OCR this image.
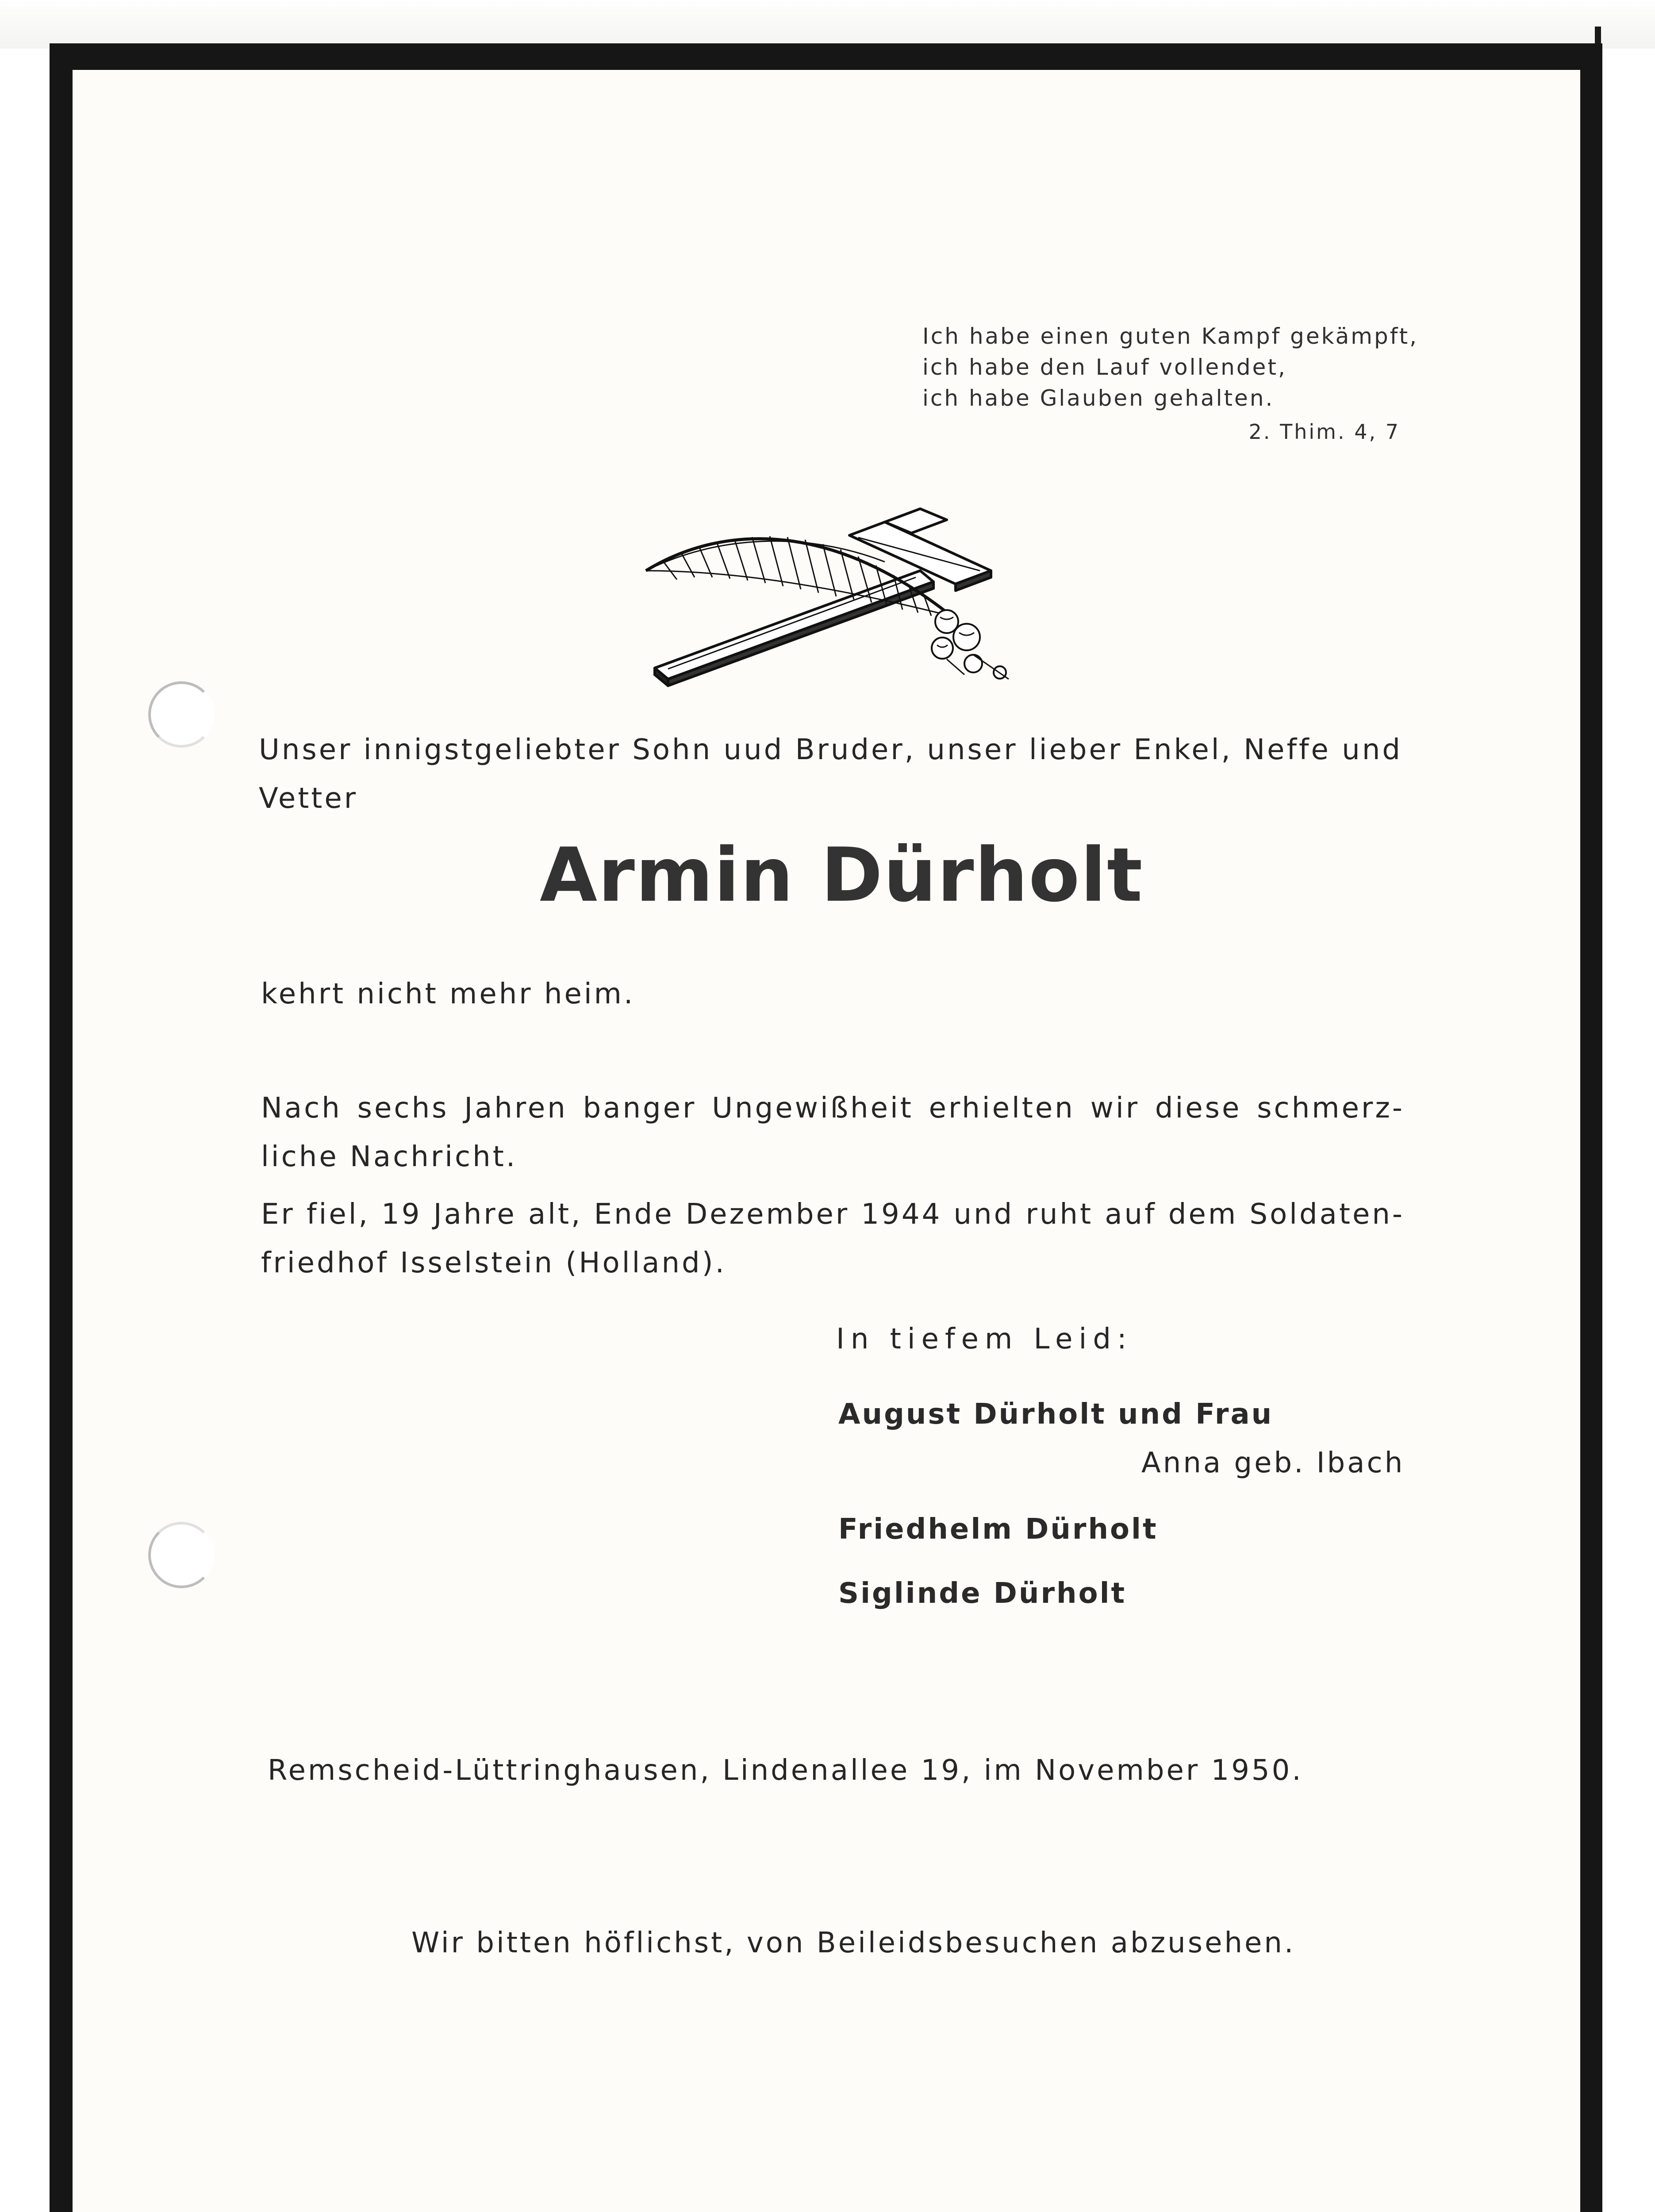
Ich habe einen guten Kampf gekämpft,
ich habe den Lauf vollendet,
ich habe Glauben gehalten.
2. Thim. 4, 7
Unser innigstgeliebter Sohn uud Bruder, unser lieber Enkel, Neffe und
Vetter
Armin Dürholt
kehrt nicht mehr heim.
Nach sechs Jahren banger Ungewißheit erhielten wir diese schmerz-
liche Nachricht.
Er fiel, 19 Jahre alt, Ende Dezember 1944 und ruht auf dem Soldaten-
friedhof Isselstein (Holland).
In tiefem Leid:
August Dürholt und Frau
Anna geb. Ibach
Friedhelm Dürholt
Siglinde Dürholt
Remscheid-Lüttringhausen, Lindenallee 19, im November 1950.
Wir bitten höflichst, von Beileidsbesuchen abzusehen.
